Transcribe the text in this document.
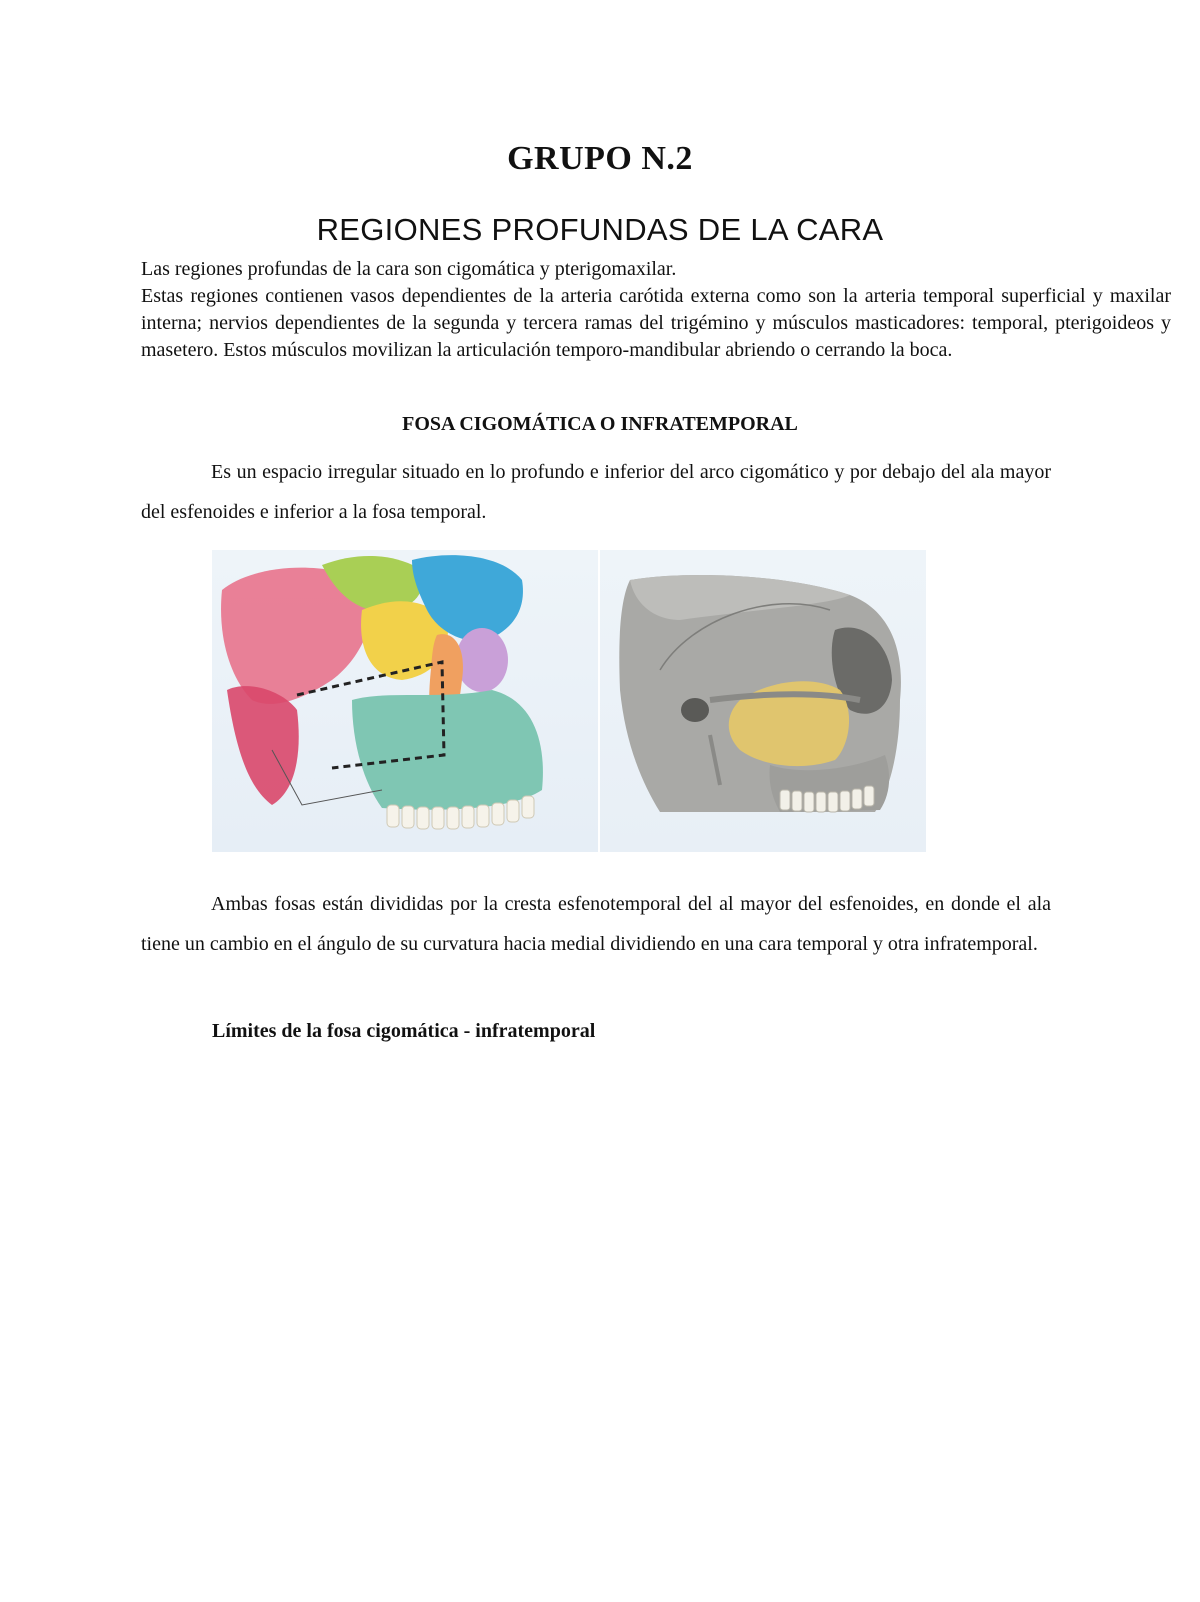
GRUPO N.2
REGIONES PROFUNDAS DE LA CARA

Las regiones profundas de la cara son cigomática y pterigomaxilar.

Estas regiones contienen vasos dependientes de la arteria carótida externa como son la arteria temporal superficial y maxilar interna; nervios dependientes de la segunda y tercera ramas del trigémino y músculos masticadores: temporal, pterigoideos y masetero. Estos músculos movilizan la articulación temporo-mandibular abriendo o cerrando la boca.

FOSA CIGOMÁTICA O INFRATEMPORAL

Es un espacio irregular situado en lo profundo e inferior del arco cigomático y por debajo del ala mayor del esfenoides e inferior a la fosa temporal.

Ambas fosas están divididas por la cresta esfenotemporal del al mayor del esfenoides, en donde el ala tiene un cambio en el ángulo de su curvatura hacia medial dividiendo en una cara temporal y otra infratemporal.

Límites de la fosa cigomática - infratemporal
